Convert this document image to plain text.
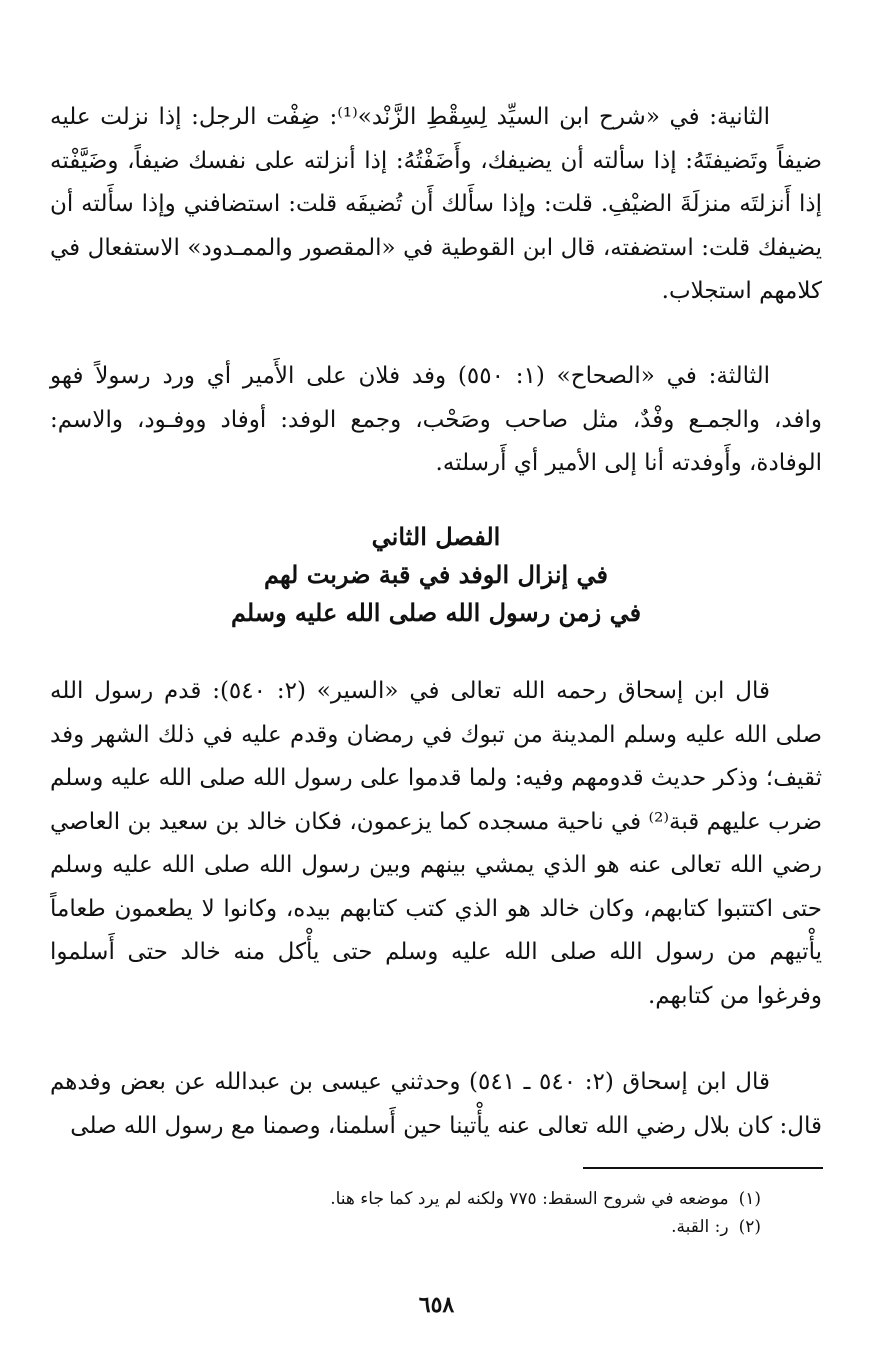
الثانية: في «شرح ابن السيِّد لِسِقْطِ الزَّنْد»⁽¹⁾: ضِفْت الرجل: إذا نزلت عليه ضيفاً وتَضيفتَهُ: إذا سألته أن يضيفك، وأَضَفْتُهُ: إذا أنزلته على نفسك ضيفاً، وضَيَّفْته إذا أَنزلتَه منزلَةَ الضيْفِ. قلت: وإذا سأَلك أَن تُضيفَه قلت: استضافني وإذا سأَلته أن يضيفك قلت: استضفته، قال ابن القوطية في «المقصور والممـدود» الاستفعال في كلامهم استجلاب.

الثالثة: في «الصحاح» (١: ٥٥٠) وفد فلان على الأَمير أي ورد رسولاً فهو وافد، والجمـع وفْدٌ، مثل صاحب وصَحْب، وجمع الوفد: أوفاد ووفـود، والاسم: الوفادة، وأَوفدته أنا إلى الأمير أي أَرسلته.

الفصل الثاني
في إنزال الوفد في قبة ضربت لهم
في زمن رسول الله صلى الله عليه وسلم

قال ابن إسحاق رحمه الله تعالى في «السير» (٢: ٥٤٠): قدم رسول الله صلى الله عليه وسلم المدينة من تبوك في رمضان وقدم عليه في ذلك الشهر وفد ثقيف؛ وذكر حديث قدومهم وفيه: ولما قدموا على رسول الله صلى الله عليه وسلم ضرب عليهم قبة⁽²⁾ في ناحية مسجده كما يزعمون، فكان خالد بن سعيد بن العاصي رضي الله تعالى عنه هو الذي يمشي بينهم وبين رسول الله صلى الله عليه وسلم حتى اكتتبوا كتابهم، وكان خالد هو الذي كتب كتابهم بيده، وكانوا لا يطعمون طعاماً يأْتيهم من رسول الله صلى الله عليه وسلم حتى يأْكل منه خالد حتى أَسلموا وفرغوا من كتابهم.

قال ابن إسحاق (٢: ٥٤٠ ـ ٥٤١) وحدثني عيسى بن عبدالله عن بعض وفدهم قال: كان بلال رضي الله تعالى عنه يأْتينا حين أَسلمنا، وصمنا مع رسول الله صلى

(١)موضعه في شروح السقط: ٧٧٥ ولكنه لم يرد كما جاء هنا.
(٢)ر: القبة.
٦٥٨
